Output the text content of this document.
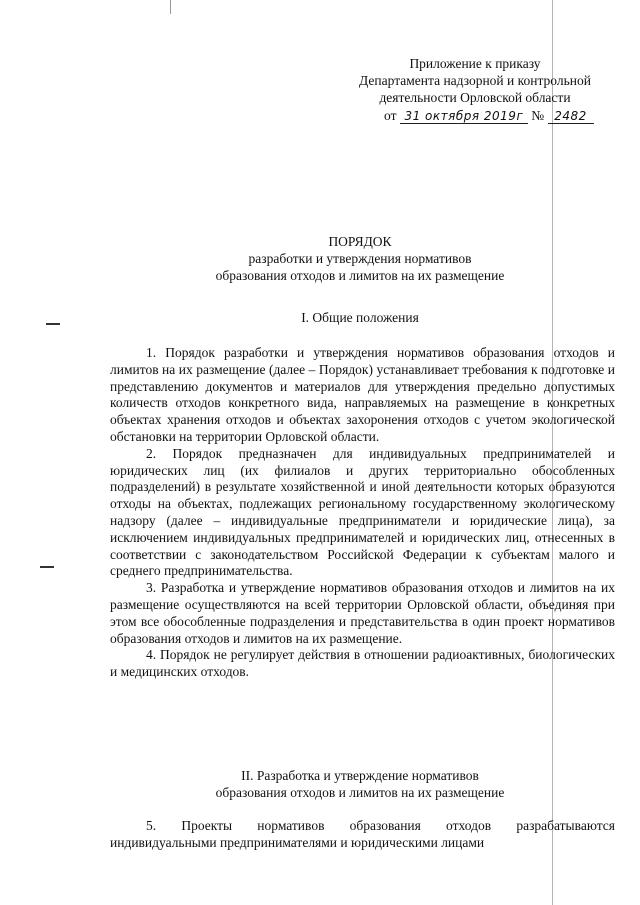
Приложение к приказу
Департамента надзорной и контрольной
деятельности Орловской области
от 31 октября 2019г № 2482
ПОРЯДОК
разработки и утверждения нормативов
образования отходов и лимитов на их размещение
I. Общие положения

1. Порядок разработки и утверждения нормативов образования отходов и лимитов на их размещение (далее – Порядок) устанавливает требования к подготовке и представлению документов и материалов для утверждения предельно допустимых количеств отходов конкретного вида, направляемых на размещение в конкретных объектах хранения отходов и объектах захоронения отходов с учетом экологической обстановки на территории Орловской области.

2. Порядок предназначен для индивидуальных предпринимателей и юридических лиц (их филиалов и других территориально обособленных подразделений) в результате хозяйственной и иной деятельности которых образуются отходы на объектах, подлежащих региональному государственному экологическому надзору (далее – индивидуальные предприниматели и юридические лица), за исключением индивидуальных предпринимателей и юридических лиц, отнесенных в соответствии с законодательством Российской Федерации к субъектам малого и среднего предпринимательства.

3. Разработка и утверждение нормативов образования отходов и лимитов на их размещение осуществляются на всей территории Орловской области, объединяя при этом все обособленные подразделения и представительства в один проект нормативов образования отходов и лимитов на их размещение.

4. Порядок не регулирует действия в отношении радиоактивных, биологических и медицинских отходов.

II. Разработка и утверждение нормативов
образования отходов и лимитов на их размещение

5. Проекты нормативов образования отходов разрабатываются индивидуальными предпринимателями и юридическими лицами
